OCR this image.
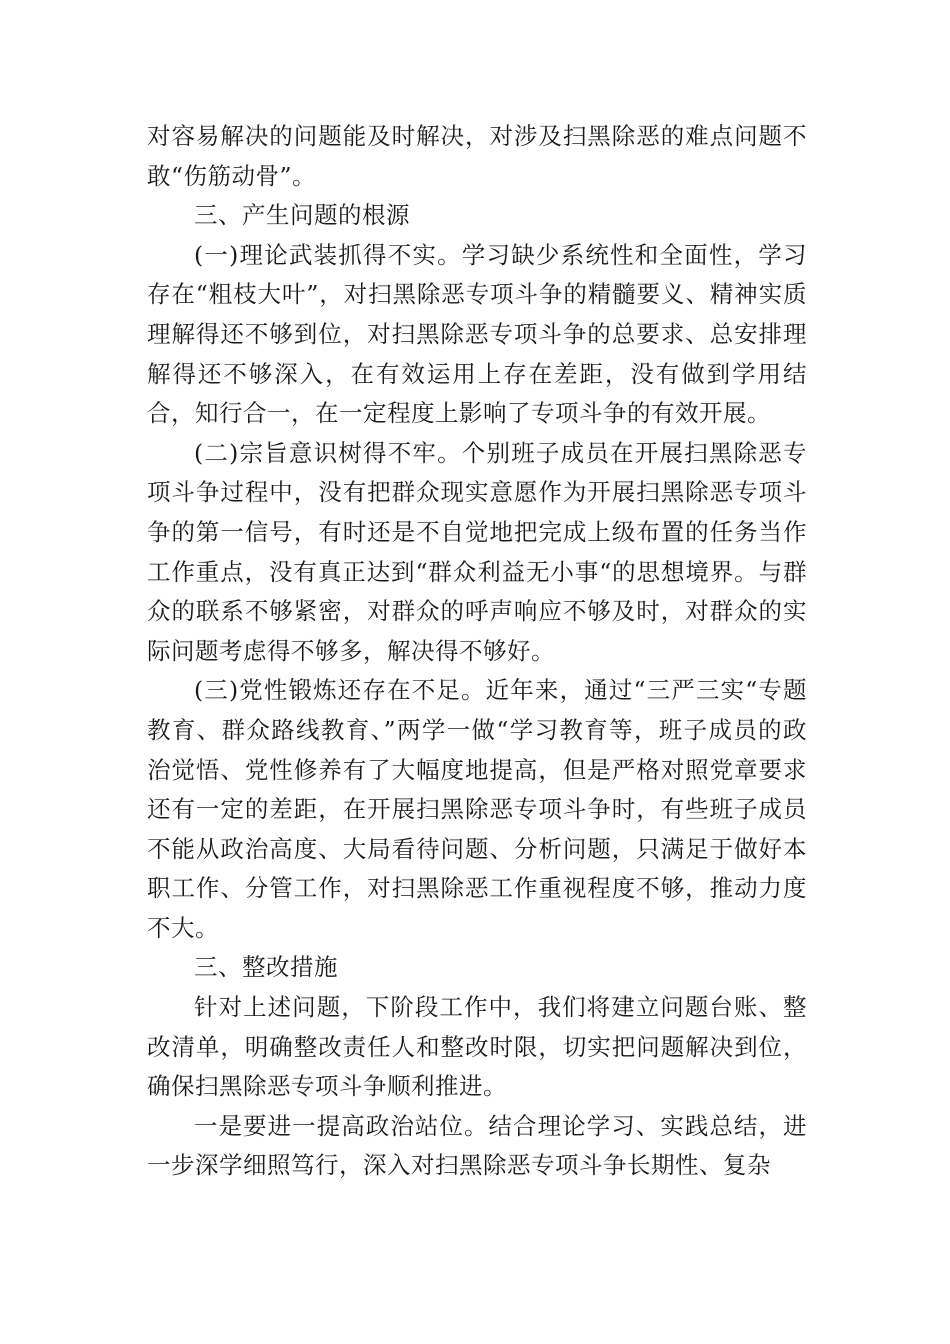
对容易解决的问题能及时解决，对涉及扫黑除恶的难点问题不敢“伤筋动骨”。

三、产生问题的根源

(一)理论武装抓得不实。学习缺少系统性和全面性，学习存在“粗枝大叶”，对扫黑除恶专项斗争的精髓要义、精神实质理解得还不够到位，对扫黑除恶专项斗争的总要求、总安排理解得还不够深入，在有效运用上存在差距，没有做到学用结合，知行合一，在一定程度上影响了专项斗争的有效开展。

(二)宗旨意识树得不牢。个别班子成员在开展扫黑除恶专项斗争过程中，没有把群众现实意愿作为开展扫黑除恶专项斗争的第一信号，有时还是不自觉地把完成上级布置的任务当作工作重点，没有真正达到“群众利益无小事“的思想境界。与群众的联系不够紧密，对群众的呼声响应不够及时，对群众的实际问题考虑得不够多，解决得不够好。

(三)党性锻炼还存在不足。近年来，通过“三严三实“专题教育、群众路线教育、”两学一做“学习教育等，班子成员的政治觉悟、党性修养有了大幅度地提高，但是严格对照党章要求还有一定的差距，在开展扫黑除恶专项斗争时，有些班子成员不能从政治高度、大局看待问题、分析问题，只满足于做好本职工作、分管工作，对扫黑除恶工作重视程度不够，推动力度不大。

三、整改措施

针对上述问题，下阶段工作中，我们将建立问题台账、整改清单，明确整改责任人和整改时限，切实把问题解决到位，确保扫黑除恶专项斗争顺利推进。

一是要进一提高政治站位。结合理论学习、实践总结，进一步深学细照笃行，深入对扫黑除恶专项斗争长期性、复杂
